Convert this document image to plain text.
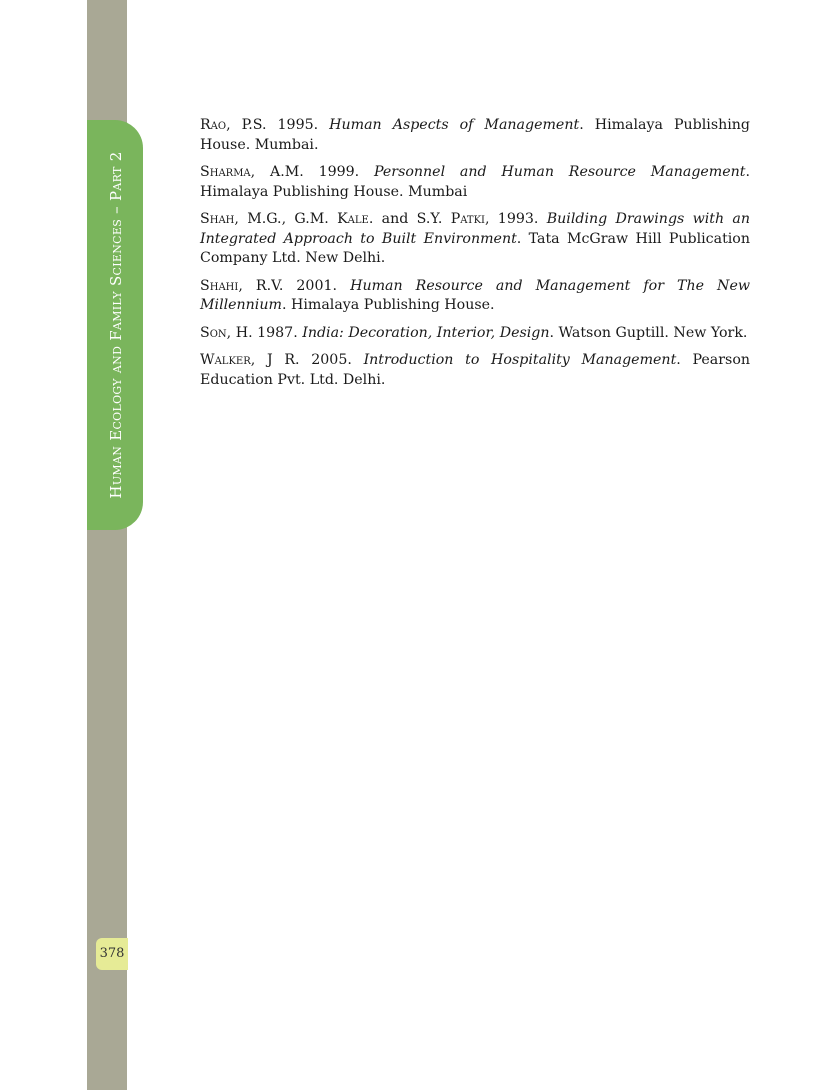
Human Ecology and Family Sciences – Part 2
378

Rao, P.S. 1995. Human Aspects of Management. Himalaya Publishing House. Mumbai.

Sharma, A.M. 1999. Personnel and Human Resource Management. Himalaya Publishing House. Mumbai

Shah, M.G., G.M. Kale. and S.Y. Patki, 1993. Building Drawings with an Integrated Approach to Built Environment. Tata McGraw Hill Publication Company Ltd. New Delhi.

Shahi, R.V. 2001. Human Resource and Management for The New Millennium. Himalaya Publishing House.

Son, H. 1987. India: Decoration, Interior, Design. Watson Guptill. New York.

Walker, J R. 2005. Introduction to Hospitality Management. Pearson Education Pvt. Ltd. Delhi.
